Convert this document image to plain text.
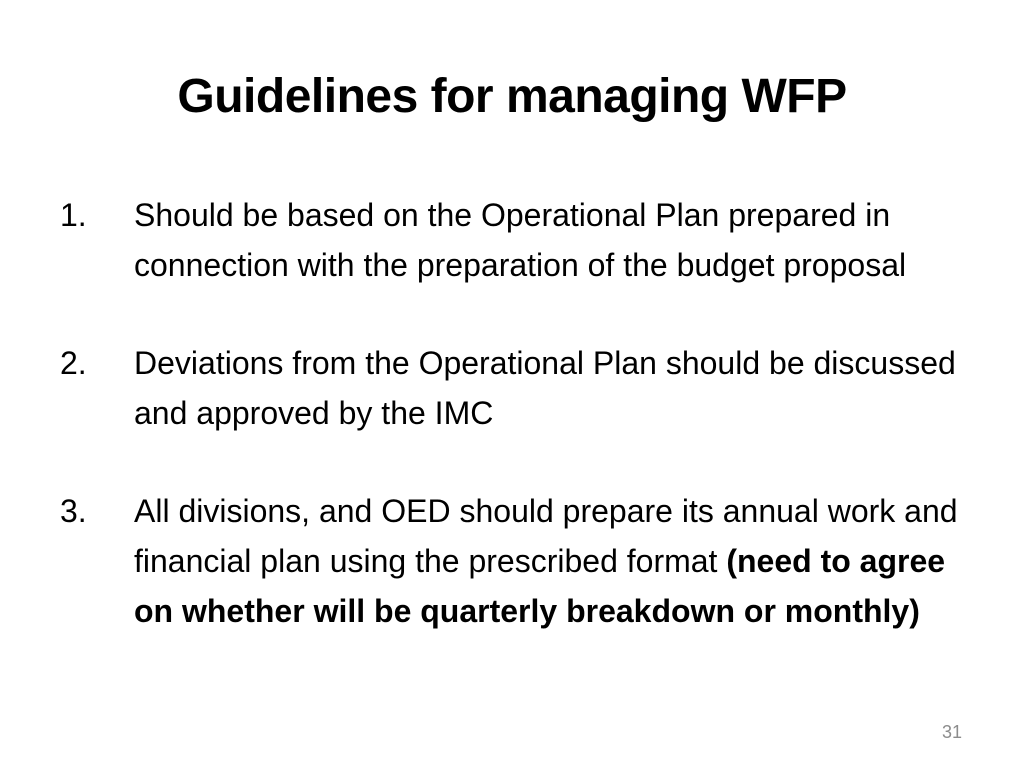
Guidelines for managing WFP
1.	Should be based on the Operational Plan prepared in connection with the preparation of the budget proposal
2.	Deviations from the Operational Plan should be discussed and approved by the IMC
3.	All divisions, and OED should prepare its annual work and financial plan using the prescribed format (need to agree on whether will be quarterly breakdown or monthly)
31
